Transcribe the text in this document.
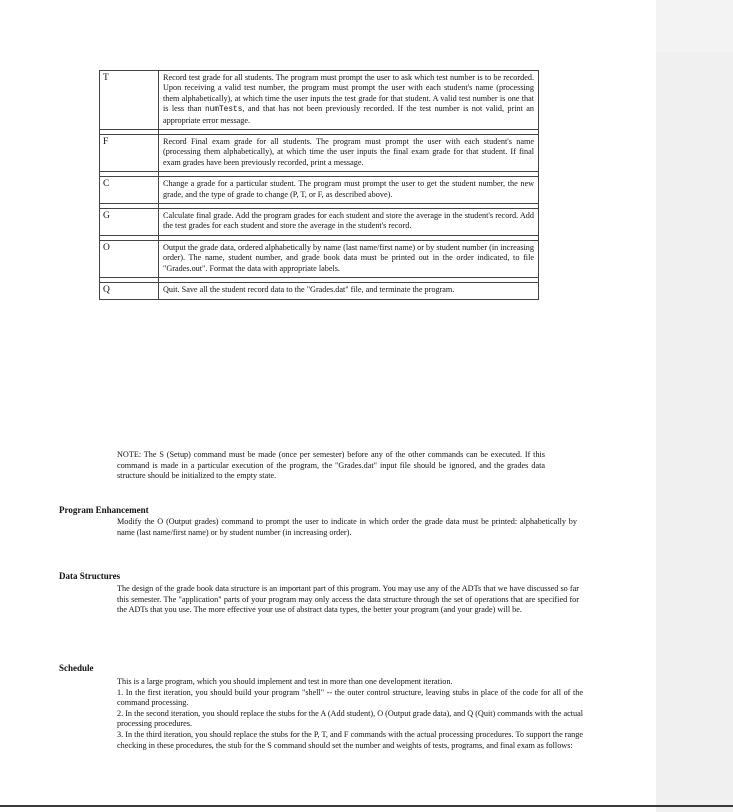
T	Record test grade for all students. The program must prompt the user to ask which test number is to be recorded. Upon receiving a valid test number, the program must prompt the user with each student's name (processing them alphabetically), at which time the user inputs the test grade for that student. A valid test number is one that is less than numTests, and that has not been previously recorded. If the test number is not valid, print an appropriate error message.

F	Record Final exam grade for all students. The program must prompt the user with each student's name (processing them alphabetically), at which time the user inputs the final exam grade for that student. If final exam grades have been previously recorded, print a message.

C	Change a grade for a particular student. The program must prompt the user to get the student number, the new grade, and the type of grade to change (P, T, or F, as described above).

G	Calculate final grade. Add the program grades for each student and store the average in the student's record. Add the test grades for each student and store the average in the student's record.

O	Output the grade data, ordered alphabetically by name (last name/first name) or by student number (in increasing order). The name, student number, and grade book data must be printed out in the order indicated, to file "Grades.out". Format the data with appropriate labels.

Q	Quit. Save all the student record data to the "Grades.dat" file, and terminate the program.
NOTE: The S (Setup) command must be made (once per semester) before any of the other commands can be executed. If this command is made in a particular execution of the program, the "Grades.dat" input file should be ignored, and the grades data structure should be initialized to the empty state.
Program Enhancement
Modify the O (Output grades) command to prompt the user to indicate in which order the grade data must be printed: alphabetically by name (last name/first name) or by student number (in increasing order).
Data Structures
The design of the grade book data structure is an important part of this program. You may use any of the ADTs that we have discussed so far this semester. The "application" parts of your program may only access the data structure through the set of operations that are specified for the ADTs that you use. The more effective your use of abstract data types, the better your program (and your grade) will be.
Schedule

This is a large program, which you should implement and test in more than one development iteration.

1. In the first iteration, you should build your program "shell" -- the outer control structure, leaving stubs in place of the code for all of the command processing.

2. In the second iteration, you should replace the stubs for the A (Add student), O (Output grade data), and Q (Quit) commands with the actual processing procedures.

3. In the third iteration, you should replace the stubs for the P, T, and F commands with the actual processing procedures. To support the range checking in these procedures, the stub for the S command should set the number and weights of tests, programs, and final exam as follows:
